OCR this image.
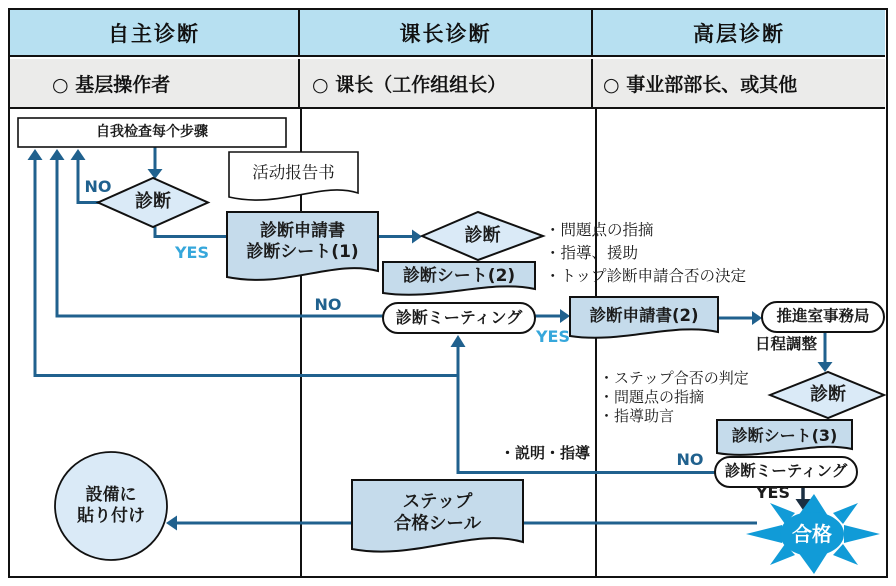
自主诊断	课长诊断	高层诊断
○ 基层操作者	○ 课长（工作组组长）	○ 事业部部长、或其他
自我检查每个步骤
活动报告书
診断申請書
診断シート(1)
診断
診断
診断シート(2)
診断ミーティング	診断申請書(2)	推進室事務局
診断
診断シート(3)
診断ミーティング
合格
ステップ
合格シール
設備に
貼り付け
NO
YES
NO
YES
NO
YES
日程調整
・説明・指導
・問題点の指摘
・指導、援助
・トップ診断申請合否の決定
・ステップ合否の判定
・問題点の指摘
・指導助言
